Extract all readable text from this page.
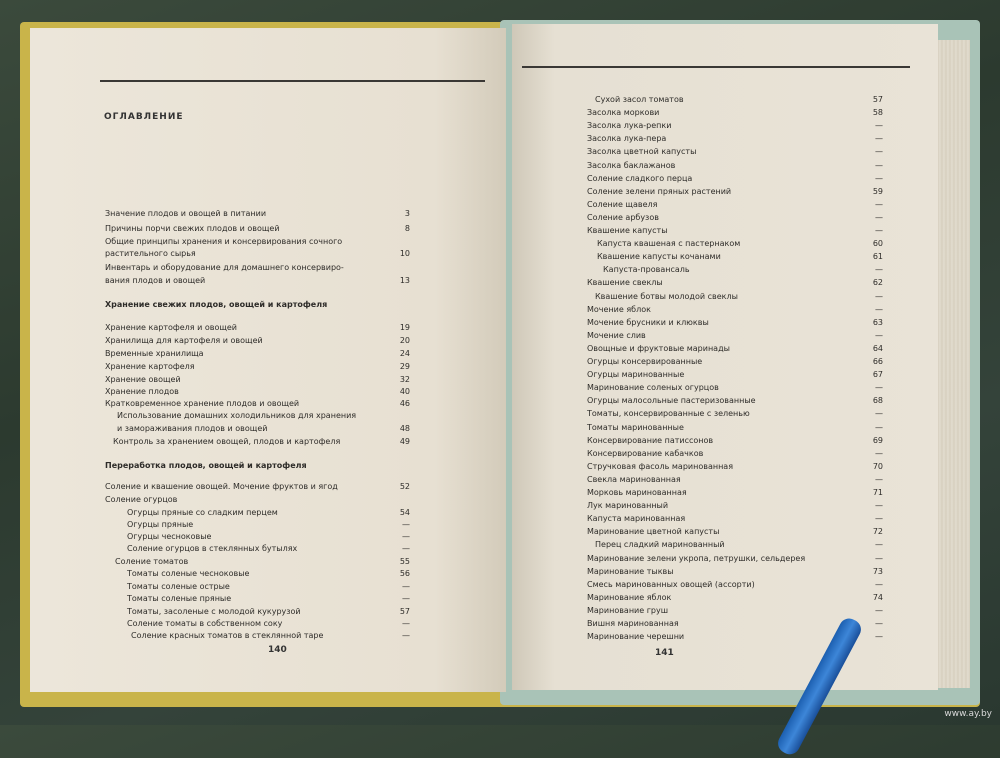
ОГЛАВЛЕНИЕ
Значение плодов и овощей в питании	3
Причины порчи свежих плодов и овощей	8
Общие принципы хранения и консервирования сочного
растительного сырья	10
Инвентарь и оборудование для домашнего консервиро-
вания плодов и овощей	13
Хранение свежих плодов, овощей и картофеля
Хранение картофеля и овощей	19
Хранилища для картофеля и овощей	20
Временные хранилища	24
Хранение картофеля	29
Хранение овощей	32
Хранение плодов	40
Кратковременное хранение плодов и овощей	46
Использование домашних холодильников для хранения
и замораживания плодов и овощей	48
Контроль за хранением овощей, плодов и картофеля	49
Переработка плодов, овощей и картофеля
Соление и квашение овощей. Мочение фруктов и ягод	52
Соление огурцов
Огурцы пряные со сладким перцем	54
Огурцы пряные	—
Огурцы чесноковые	—
Соление огурцов в стеклянных бутылях	—
Соление томатов	55
Томаты соленые чесноковые	56
Томаты соленые острые	—
Томаты соленые пряные	—
Томаты, засоленые с молодой кукурузой	57
Соление томаты в собственном соку	—
Соление красных томатов в стеклянной таре	—
Сухой засол томатов	57
Засолка моркови	58
Засолка лука-репки	—
Засолка лука-пера	—
Засолка цветной капусты	—
Засолка баклажанов	—
Соление сладкого перца	—
Соление зелени пряных растений	59
Соление щавеля	—
Соление арбузов	—
Квашение капусты	—
Капуста квашеная с пастернаком	60
Квашение капусты кочанами	61
Капуста-провансаль	—
Квашение свеклы	62
Квашение ботвы молодой свеклы	—
Мочение яблок	—
Мочение брусники и клюквы	63
Мочение слив	—
Овощные и фруктовые маринады	64
Огурцы консервированные	66
Огурцы маринованные	67
Маринование соленых огурцов	—
Огурцы малосольные пастеризованные	68
Томаты, консервированные с зеленью	—
Томаты маринованные	—
Консервирование патиссонов	69
Консервирование кабачков	—
Стручковая фасоль маринованная	70
Свекла маринованная	—
Морковь маринованная	71
Лук маринованный	—
Капуста маринованная	—
Маринование цветной капусты	72
Перец сладкий маринованный	—
Маринование зелени укропа, петрушки, сельдерея	—
Маринование тыквы	73
Смесь маринованных овощей (ассорти)	—
Маринование яблок	74
Маринование груш	—
Вишня маринованная	—
Маринование черешни	—
140	141
www.ay.by
